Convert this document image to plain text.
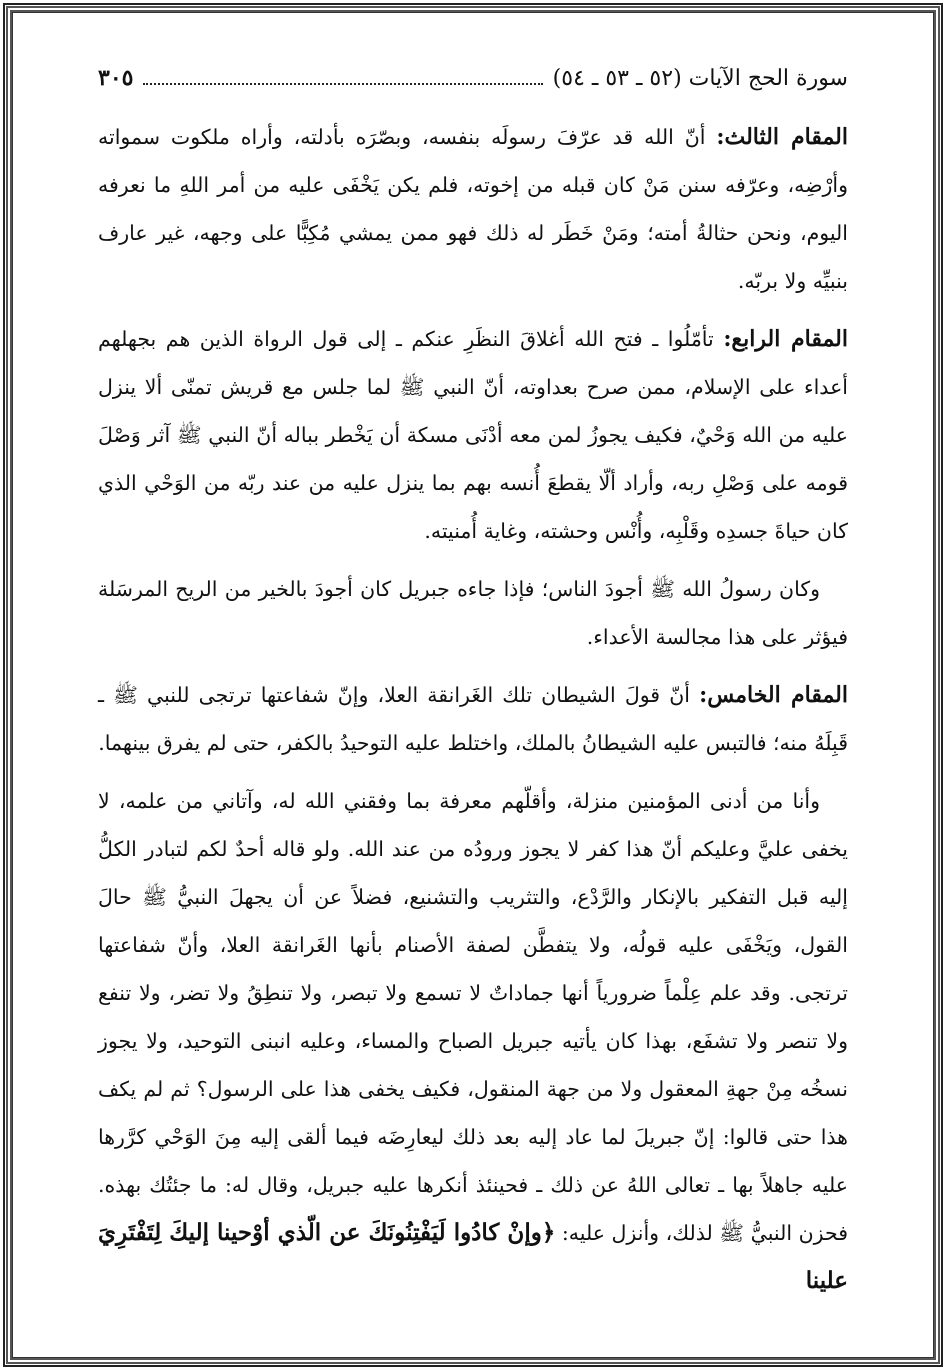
سورة الحج الآيات (٥٢ ـ ٥٣ ـ ٥٤)
٣٠٥

المقام الثالث: أنّ الله قد عرّفَ رسولَه بنفسه، وبصّرَه بأدلته، وأراه ملكوت سمواته وأرْضِه، وعرّفه سنن مَنْ كان قبله من إخوته، فلم يكن يَخْفَى عليه من أمر اللهِ ما نعرفه اليوم، ونحن حثالةُ أمته؛ ومَنْ خَطَر له ذلك فهو ممن يمشي مُكِبًّا على وجهه، غير عارف بنبيِّه ولا بربّه.

المقام الرابع: تأمّلُوا ـ فتح الله أغلاقَ النظَرِ عنكم ـ إلى قول الرواة الذين هم بجهلهم أعداء على الإسلام، ممن صرح بعداوته، أنّ النبي ﷺ لما جلس مع قريش تمنّى ألا ينزل عليه من الله وَحْيٌ، فكيف يجوزُ لمن معه أدْنَى مسكة أن يَخْطر بباله أنّ النبي ﷺ آثر وَصْلَ قومه على وَصْلِ ربه، وأراد ألّا يقطعَ أُنسه بهم بما ينزل عليه من عند ربّه من الوَحْي الذي كان حياةَ جسدِه وقَلْبِه، وأُنْس وحشته، وغاية أُمنيته.

وكان رسولُ الله ﷺ أجودَ الناس؛ فإذا جاءه جبريل كان أجودَ بالخير من الريح المرسَلة فيؤثر على هذا مجالسة الأعداء.

المقام الخامس: أنّ قولَ الشيطان تلك الغَرانقة العلا، وإنّ شفاعتها ترتجى للنبي ﷺ ـ قَبِلَهُ منه؛ فالتبس عليه الشيطانُ بالملك، واختلط عليه التوحيدُ بالكفر، حتى لم يفرق بينهما.

وأنا من أدنى المؤمنين منزلة، وأقلّهم معرفة بما وفقني الله له، وآتاني من علمه، لا يخفى عليَّ وعليكم أنّ هذا كفر لا يجوز ورودُه من عند الله. ولو قاله أحدٌ لكم لتبادر الكلُّ إليه قبل التفكير بالإنكار والرَّدْع، والتثريب والتشنيع، فضلاً عن أن يجهلَ النبيُّ ﷺ حالَ القول، ويَخْفَى عليه قولُه، ولا يتفطَّن لصفة الأصنام بأنها الغَرانقة العلا، وأنّ شفاعتها ترتجى. وقد علم عِلْماً ضرورياً أنها جماداتٌ لا تسمع ولا تبصر، ولا تنطِقُ ولا تضر، ولا تنفع ولا تنصر ولا تشفَع، بهذا كان يأتيه جبريل الصباح والمساء، وعليه انبنى التوحيد، ولا يجوز نسخُه مِنْ جهةِ المعقول ولا من جهة المنقول، فكيف يخفى هذا على الرسول؟ ثم لم يكف هذا حتى قالوا: إنّ جبريلَ لما عاد إليه بعد ذلك ليعارِضَه فيما ألقى إليه مِنَ الوَحْي كرَّرها عليه جاهلاً بها ـ تعالى اللهُ عن ذلك ـ فحينئذ أنكرها عليه جبريل، وقال له: ما جئتُك بهذه. فحزن النبيُّ ﷺ لذلك، وأنزل عليه: ﴿وإنْ كادُوا لَيَفْتِنُونَكَ عن الّذي أوْحينا إليكَ لِتَفْتَرِيَ علينا
